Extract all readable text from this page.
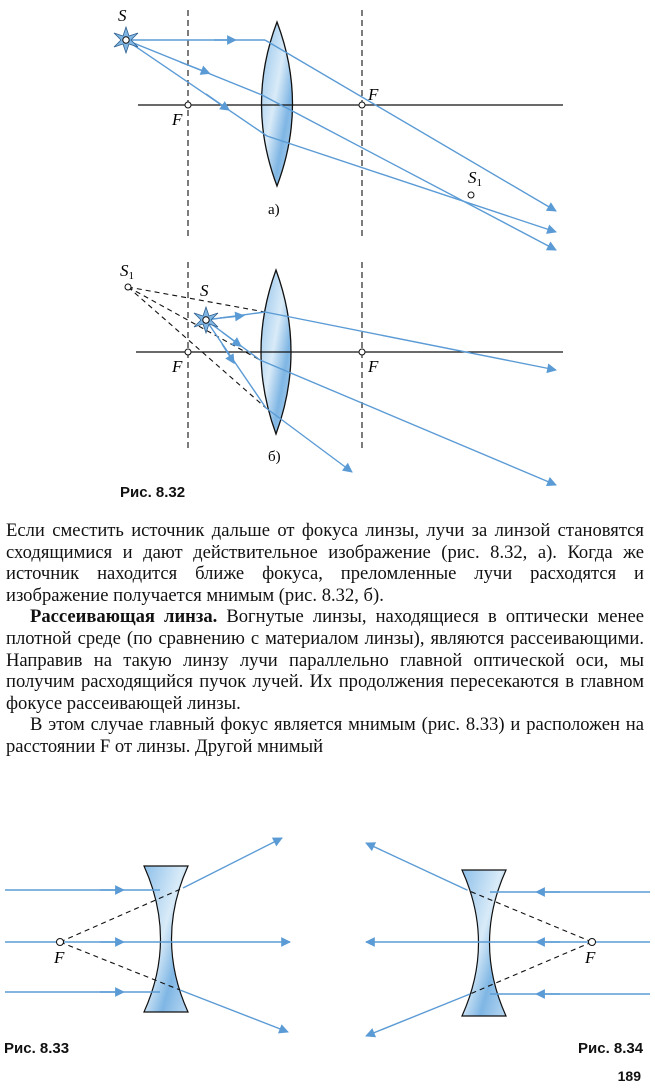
S
F
F
S1
а)
S1
S
F	F
б)
F	F
Рис. 8.32

Если сместить источник дальше от фокуса линзы, лучи за линзой становятся сходящимися и дают действительное изображение (рис. 8.32, а). Когда же источник находится ближе фокуса, преломленные лучи расходятся и изображение получается мнимым (рис. 8.32, б).

Рассеивающая линза. Вогнутые линзы, находящиеся в оптически менее плотной среде (по сравнению с материалом линзы), являются рассеивающими. Направив на такую линзу лучи параллельно главной оптической оси, мы получим расходящийся пучок лучей. Их продолжения пересекаются в главном фокусе рассеивающей линзы.

В этом случае главный фокус является мнимым (рис. 8.33) и расположен на расстоянии F от линзы. Другой мнимый

Рис. 8.33	Рис. 8.34
189
